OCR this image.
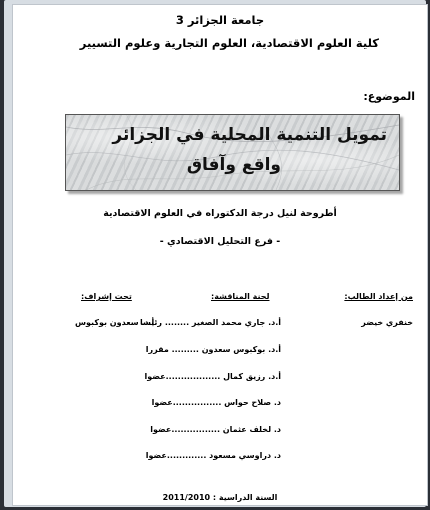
جامعة الجزائر 3
كلية العلوم الاقتصادية، العلوم التجارية وعلوم التسيير
الموضوع:
تمويل التنمية المحلية في الجزائر
واقع وآفاق
أطروحة لنيل درجة الدكتوراه في العلوم الاقتصادية
- فرع التحليل الاقتصادي -
من إعداد الطالب:
لجنة المناقشة:
تحت إشراف:
خنفري خيضر
أ.د. سعدون بوكبوس
أ.د. جاري محمد الصغير ........ رئيسا
أ.د. بوكبوس سعدون ......... مقررا
أ.د. رزيق كمال ..................عضوا
د. صلاح حواس ................عضوا
د. لخلف عثمان ................عضوا
د. دراوسي مسعود .............عضوا
السنة الدراسية : 2011/2010
